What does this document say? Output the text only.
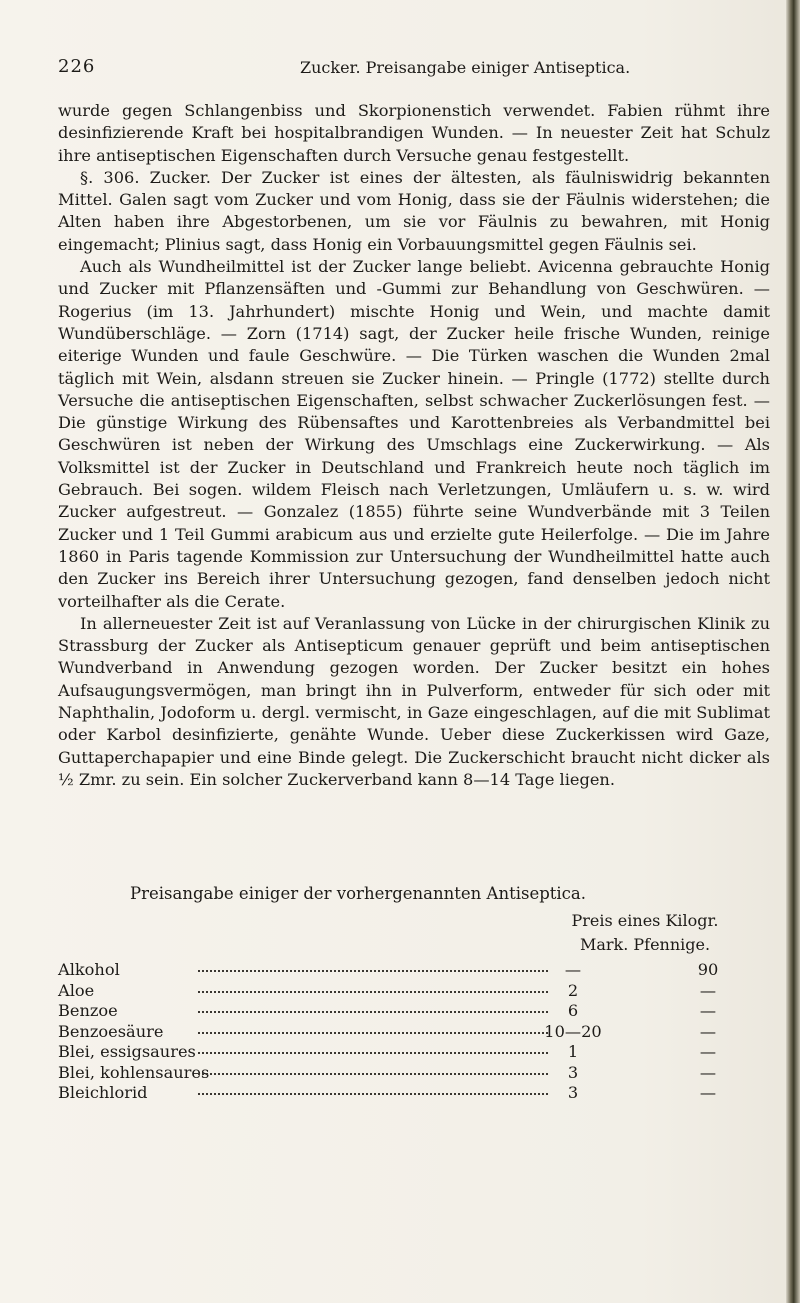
226	Zucker. Preisangabe einiger Antiseptica.

wurde gegen Schlangenbiss und Skorpionenstich verwendet. Fabien rühmt ihre desinfizierende Kraft bei hospitalbrandigen Wunden. — In neuester Zeit hat Schulz ihre antiseptischen Eigenschaften durch Versuche genau festgestellt.

§. 306. Zucker. Der Zucker ist eines der ältesten, als fäulniswidrig bekannten Mittel. Galen sagt vom Zucker und vom Honig, dass sie der Fäulnis widerstehen; die Alten haben ihre Abgestorbenen, um sie vor Fäulnis zu bewahren, mit Honig eingemacht; Plinius sagt, dass Honig ein Vorbauungsmittel gegen Fäulnis sei.

Auch als Wundheilmittel ist der Zucker lange beliebt. Avicenna gebrauchte Honig und Zucker mit Pflanzensäften und -Gummi zur Behandlung von Geschwüren. — Rogerius (im 13. Jahrhundert) mischte Honig und Wein, und machte damit Wundüberschläge. — Zorn (1714) sagt, der Zucker heile frische Wunden, reinige eiterige Wunden und faule Geschwüre. — Die Türken waschen die Wunden 2mal täglich mit Wein, alsdann streuen sie Zucker hinein. — Pringle (1772) stellte durch Versuche die antiseptischen Eigenschaften, selbst schwacher Zuckerlösungen fest. — Die günstige Wirkung des Rübensaftes und Karottenbreies als Verbandmittel bei Geschwüren ist neben der Wirkung des Umschlags eine Zuckerwirkung. — Als Volksmittel ist der Zucker in Deutschland und Frankreich heute noch täglich im Gebrauch. Bei sogen. wildem Fleisch nach Verletzungen, Umläufern u. s. w. wird Zucker aufgestreut. — Gonzalez (1855) führte seine Wundverbände mit 3 Teilen Zucker und 1 Teil Gummi arabicum aus und erzielte gute Heilerfolge. — Die im Jahre 1860 in Paris tagende Kommission zur Untersuchung der Wundheilmittel hatte auch den Zucker ins Bereich ihrer Untersuchung gezogen, fand denselben jedoch nicht vorteilhafter als die Cerate.

In allerneuester Zeit ist auf Veranlassung von Lücke in der chirurgischen Klinik zu Strassburg der Zucker als Antisepticum genauer geprüft und beim antiseptischen Wundverband in Anwendung gezogen worden. Der Zucker besitzt ein hohes Aufsaugungsvermögen, man bringt ihn in Pulverform, entweder für sich oder mit Naphthalin, Jodoform u. dergl. vermischt, in Gaze eingeschlagen, auf die mit Sublimat oder Karbol desinfizierte, genähte Wunde. Ueber diese Zuckerkissen wird Gaze, Guttaperchapapier und eine Binde gelegt. Die Zuckerschicht braucht nicht dicker als ½ Zmr. zu sein. Ein solcher Zuckerverband kann 8—14 Tage liegen.

Preisangabe einiger der vorhergenannten Antiseptica.
Preis eines Kilogr.
Mark. Pfennige.
Alkohol	—	90
Aloe	2	—
Benzoe	6	—
Benzoesäure	10—20	—
Blei, essigsaures	1	—
Blei, kohlensaures	3	—
Bleichlorid	3	—
